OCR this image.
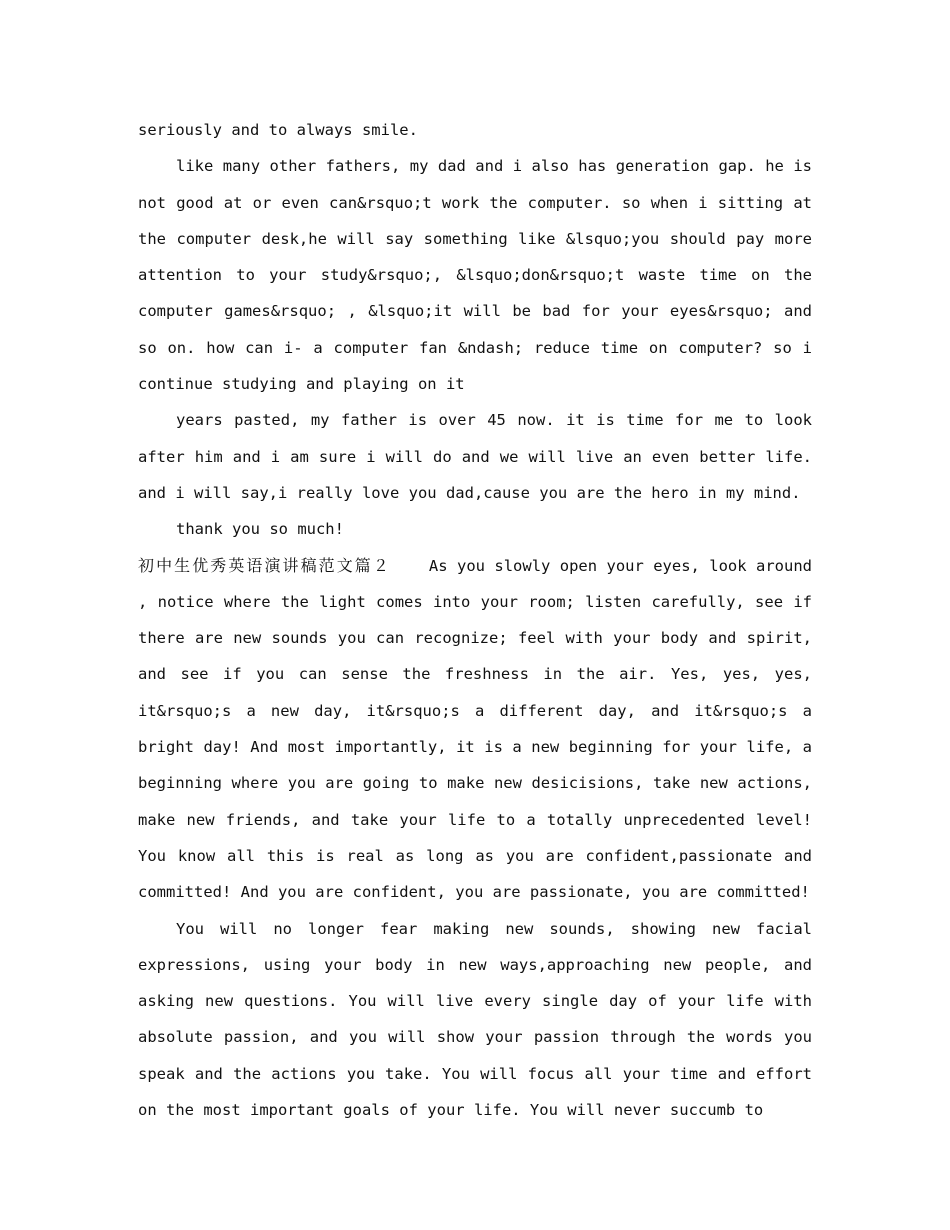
seriously and to always smile.

like many other fathers, my dad and i also has generation gap. he is not good at or even can&rsquo;t work the computer. so when i sitting at the computer desk,he will say something like &lsquo;you should pay more attention to your study&rsquo;, &lsquo;don&rsquo;t waste time on the computer games&rsquo; , &lsquo;it will be bad for your eyes&rsquo; and so on. how can i- a computer fan &ndash; reduce time on computer? so i continue studying and playing on it

years pasted, my father is over 45 now. it is time for me to look after him and i am sure i will do and we will live an even better life. and i will say,i really love you dad,cause you are the hero in my mind.

thank you so much!

初中生优秀英语演讲稿范文篇２ As you slowly open your eyes, look around , notice where the light comes into your room; listen carefully, see if there are new sounds you can recognize; feel with your body and spirit, and see if you can sense the freshness in the air. Yes, yes, yes, it&rsquo;s a new day, it&rsquo;s a different day, and it&rsquo;s a bright day! And most importantly, it is a new beginning for your life, a beginning where you are going to make new desicisions, take new actions, make new friends, and take your life to a totally unprecedented level! You know all this is real as long as you are confident,passionate and committed! And you are confident, you are passionate, you are committed!

You will no longer fear making new sounds, showing new facial expressions, using your body in new ways,approaching new people, and asking new questions. You will live every single day of your life with absolute passion, and you will show your passion through the words you speak and the actions you take. You will focus all your time and effort on the most important goals of your life. You will never succumb to
